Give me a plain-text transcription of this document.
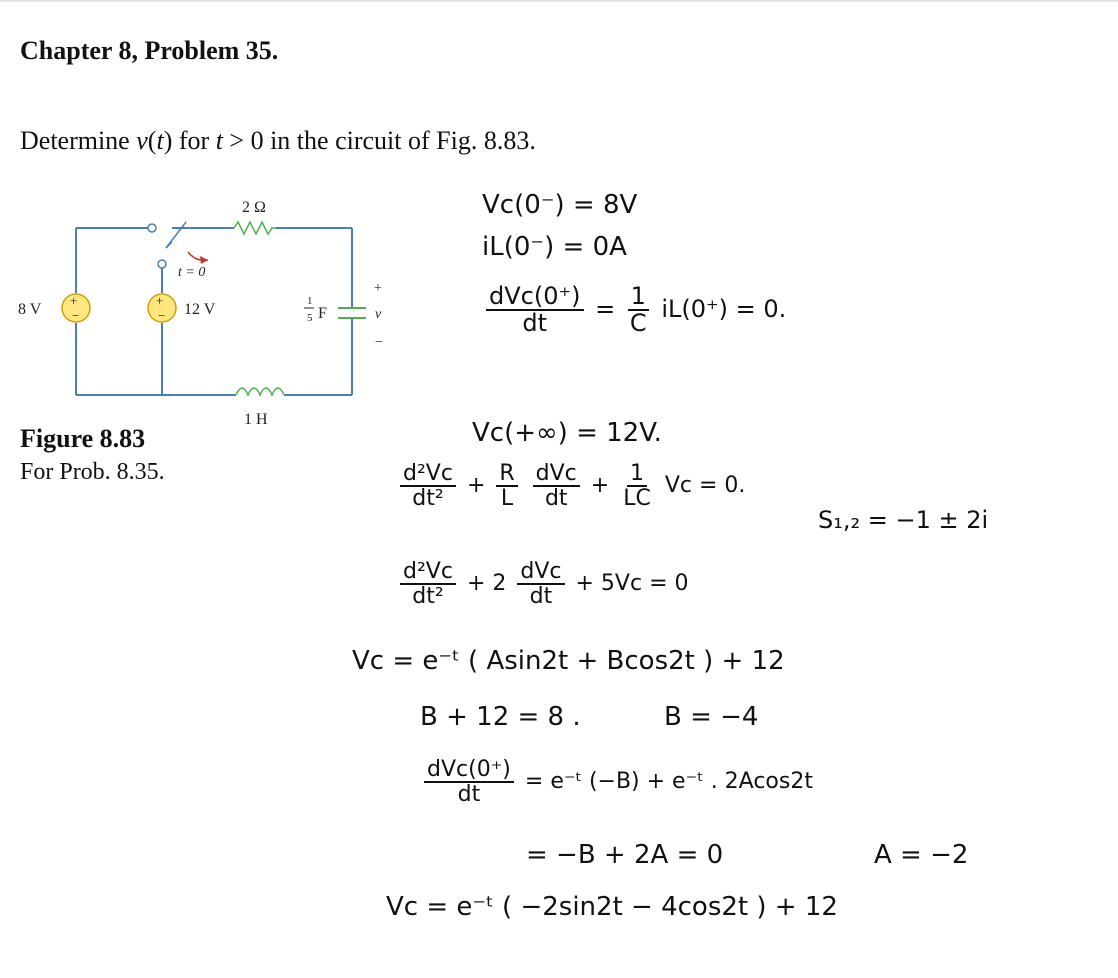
Chapter 8, Problem 35.

Determine v(t) for t > 0 in the circuit of Fig. 8.83.

+
−
+
−
8 V	12 V
2 Ω
t = 0
1
5 F
+
v
−
1 H
Figure 8.83
For Prob. 8.35.
Vc(0⁻) = 8V
iL(0⁻) = 0A
$\frac{\text{dVc(0⁺)}}{dt} = \frac{1}{C} iL(0^+) = 0$.
Vc(+∞) = 12V.
$\frac{\text{d²Vc}}{\text{dt²}} + \frac{R}{L}$
$\frac{\text{dVc}}{dt} + \frac{1}{LC}$ Vc = 0.
S₁,₂ = −1 ± 2i
$\frac{\text{d²Vc}}{\text{dt²}} + 2 \frac{\text{dVc}}{dt} + 5Vc = 0$
Vc = e⁻ᵗ ( Asin2t + Bcos2t ) + 12
B + 12 = 8 .	B = −4
$\frac{\text{dVc(0⁺)}}{dt}$ = e⁻ᵗ (−B) + e⁻ᵗ . 2Acos2t
= −B + 2A = 0	A = −2
Vc = e⁻ᵗ ( −2sin2t − 4cos2t ) + 12
